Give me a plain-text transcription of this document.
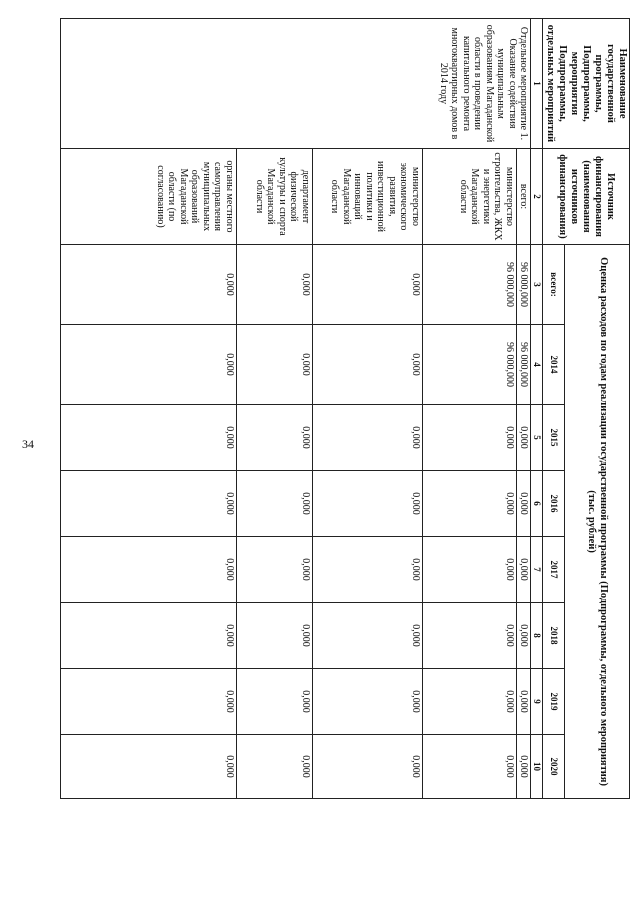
34
Наименование государственной программы, Подпрограммы, мероприятия Подпрограммы, отдельных мероприятий	Источник финансирования (наименования источников финансирования)	Оценка расходов по годам реализации государственной программы (Подпрограммы, отдельного мероприятия) (тыс. рублей)								
		всего:	2014	2015	2016	2017	2018	2019	2020	
1	2	3	4	5	6	7	8	9	10	
Отдельное мероприятие 1. Оказание содействия муниципальным образованиям Магаданской области в проведении капитального ремонта многоквартирных домов в 2014 году	всего:	96 000,000	96 000,000	0,000	0,000	0,000	0,000	0,000	0,000	
	министерство строительства, ЖКХ и энергетики Магаданской области	96 000,000	96 000,000	0,000	0,000	0,000	0,000	0,000	0,000	
	министерство экономического развития, инвестиционной политики и инноваций Магаданской области	0,000	0,000	0,000	0,000	0,000	0,000	0,000	0,000	
	департамент физической культуры и спорта Магаданской области	0,000	0,000	0,000	0,000	0,000	0,000	0,000	0,000	
	органы местного самоуправления муниципальных образований Магаданской области (по согласованию)	0,000	0,000	0,000	0,000	0,000	0,000	0,000	0,000	
